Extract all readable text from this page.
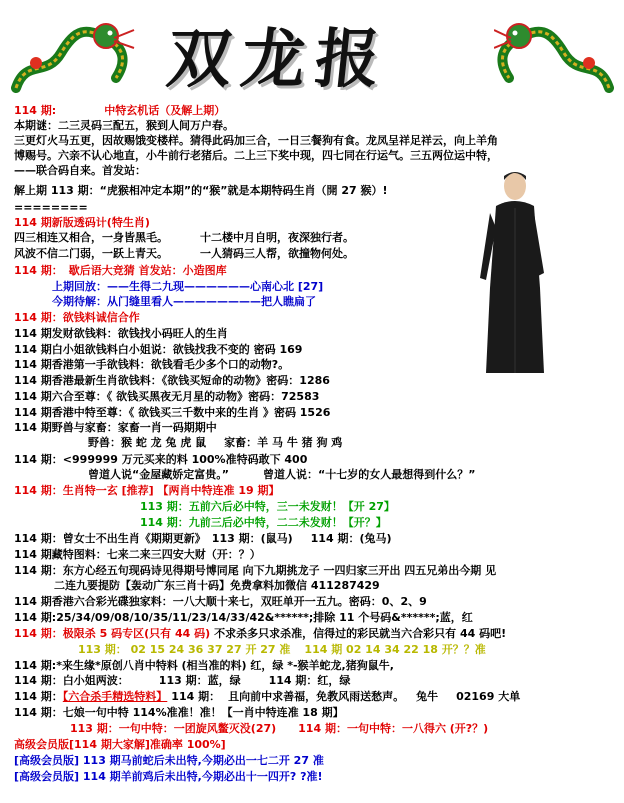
双龙报
114 期:	中特玄机话（及解上期）
本期谜：二三灵码三配五，猴到人间万户春。
三更灯火马五更，因故赐饿变楼样。猜得此码加三合，一日三餐狗有食。龙凤呈祥足祥云，向上羊角
博赐号。六亲不认心地直，小牛前行老猪后。二上三下奖中现，四七同在行运气。三五两位运中特，
——联合码自来。首发站：
解上期 113 期：“虎猴相冲定本期”的“猴”就是本期特码生肖（開 27 猴）!
========
114 期新版透码计(特生肖)
四三相连又相合，一身皆黑毛。	十二楼中月自明，夜深独行者。
风波不信二门弱，一跃上青天。	一人猜码三人帮，欲撞物何处。
114 期： 歇后语大竞猜 首发站：小造图库
上期回放：——生得二九现——————心南心北 [27]
今期待解：从门缝里看人————————把人瞧扁了
114 期：欲钱料诚信合作
114 期发财欲钱料：欲钱找小码旺人的生肖
114 期白小姐欲钱料白小姐说：欲钱找我不变的 密码 169
114 期香港第一手欲钱料：欲钱看毛少多个口的动物?。
114 期香港最新生肖欲钱料：《欲钱买短命的动物》密码：1286
114 期六合至尊：《 欲钱买黑夜无月星的动物》密码：72583
114 期香港中特至尊：《 欲钱买三千数中来的生肖 》密码 1526
114 期野兽与家畜：家畜一肖一码期期中
野兽：猴 蛇 龙 兔 虎 鼠 家畜：羊 马 牛 猪 狗 鸡
114 期：<999999 万元买来的料 100%准特码敢下 400
曾道人说“金屋藏娇定富贵。”	曾道人说：“十七岁的女人最想得到什么？”
114 期：生肖特一玄 [推荐] 【两肖中特连准 19 期】
113 期：五前六后必中特，三一未发财！【开 27】
114 期：九前三后必中特，二二未发财！【开？】
114 期：曾女士不出生肖《期期更新》 113 期：(鼠马) 114 期：(兔马)
114 期藏特图料：七来二来三四安大财（开：？）
114 期：东方心经五句现码诗见得期号博同尾 向下九期挑龙子 一四归家三开出 四五兄弟出今期 见
二连九要提防【轰动广东三肖十码】免费拿料加微信 411287429
114 期香港六合彩光碟独家料：一八大顺十来七，双旺单开一五九。密码：0、2、9
114 期:25/34/09/08/10/35/11/23/14/33/42&******;排除 11 个号码&******;蓝，红
114 期：极限杀 5 码专区(只有 44 码) 不求杀多只求杀准，信得过的彩民就当六合彩只有 44 码吧!
113 期： 02 15 24 36 37 27 开 27 准 114 期 02 14 34 22 18 开？？准
114 期:*来生缘*原创八肖中特料 (相当准的料) 红，绿 *-猴羊蛇龙,猪狗鼠牛,
114 期：白小姐两波：	113 期：蓝，绿	114 期：红，绿
114 期：【六合杀手精选特料】 114 期： 且向前中求善福，免教风雨送愁声。 兔牛 02169 大单
114 期：七娘一句中特 114%准准！准！【一肖中特连准 18 期】
113 期：一句中特：一团旋风鳖灭没(27) 114 期：一句中特：一八得六 (开?？)
高级会员版[114 期大家解]准确率 100%]
[高级会员版] 113 期马前蛇后未出特,今期必出一七二开 27 准
[高级会员版] 114 期羊前鸡后未出特,今期必出十一四开? ?准!
